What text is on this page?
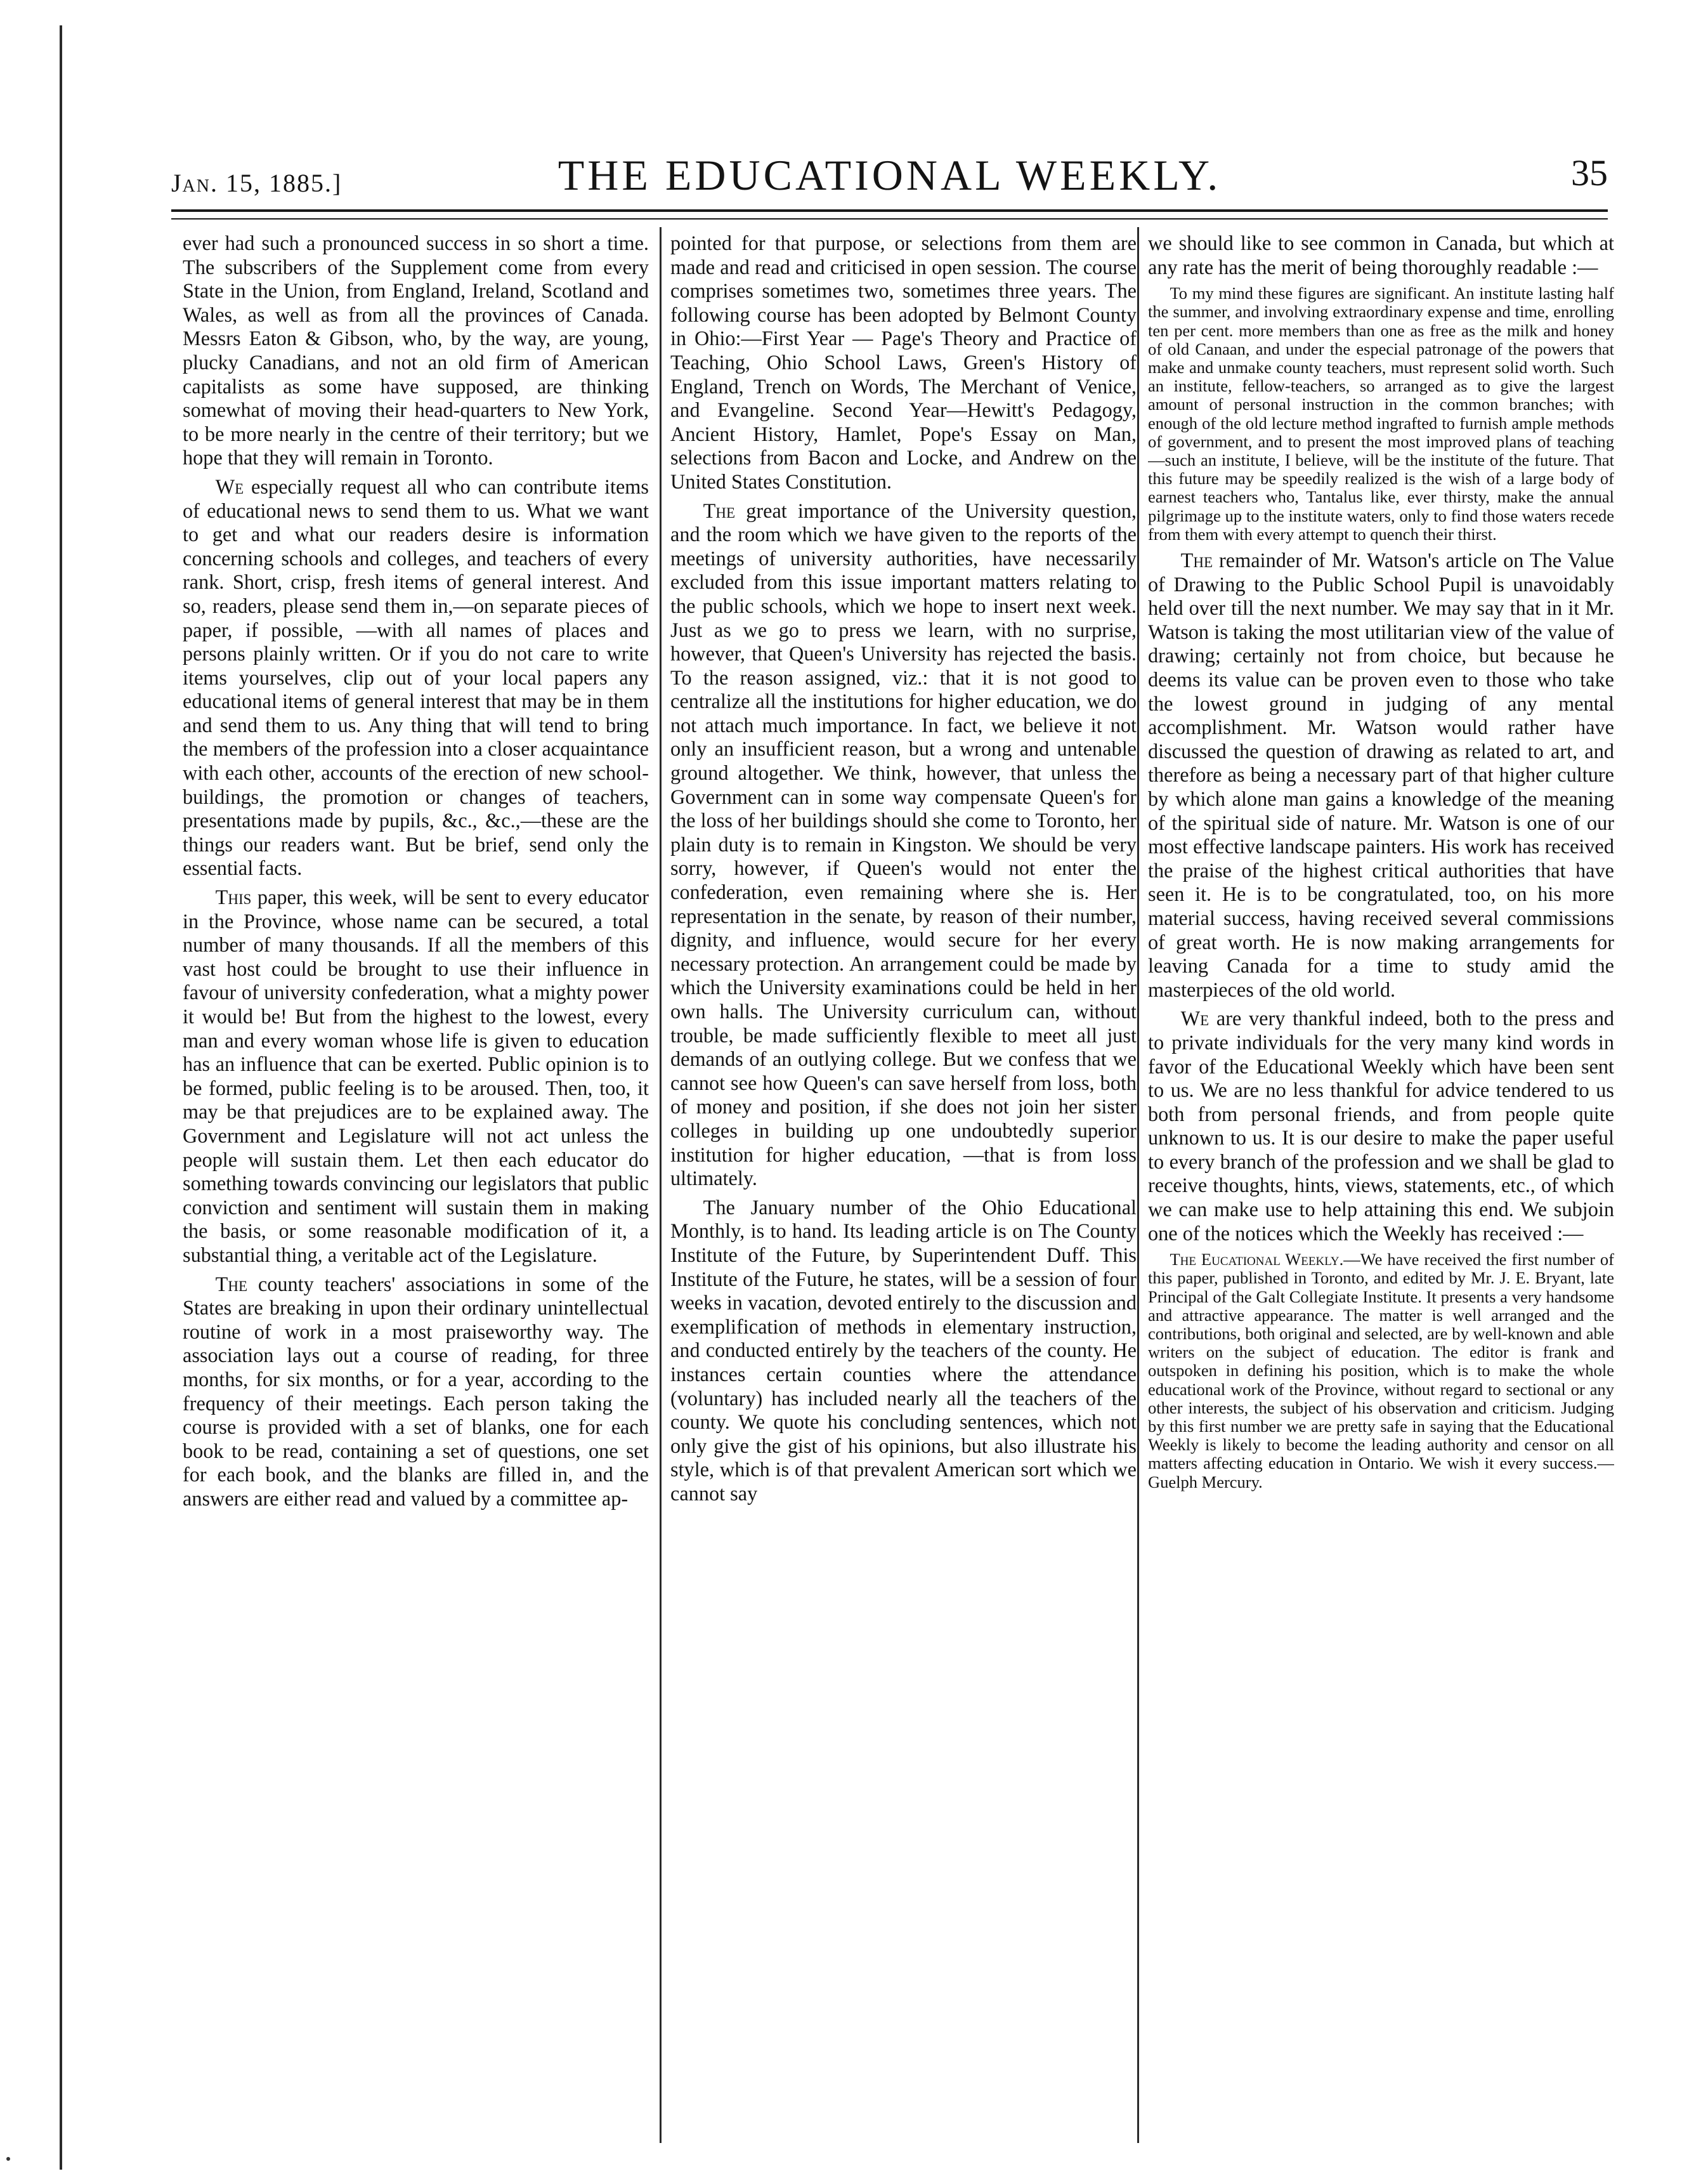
Jan. 15, 1885.]	THE EDUCATIONAL WEEKLY.	35

ever had such a pronounced success in so short a time. The subscribers of the Supplement come from every State in the Union, from England, Ireland, Scotland and Wales, as well as from all the provinces of Canada. Messrs Eaton & Gibson, who, by the way, are young, plucky Canadians, and not an old firm of American capitalists as some have supposed, are thinking somewhat of moving their head-quarters to New York, to be more nearly in the centre of their territory; but we hope that they will remain in Toronto.

We especially request all who can contribute items of educational news to send them to us. What we want to get and what our readers desire is information concerning schools and colleges, and teachers of every rank. Short, crisp, fresh items of general interest. And so, readers, please send them in,—on separate pieces of paper, if possible, —with all names of places and persons plainly written. Or if you do not care to write items yourselves, clip out of your local papers any educational items of general interest that may be in them and send them to us. Any thing that will tend to bring the members of the profession into a closer acquaintance with each other, accounts of the erection of new school-buildings, the promotion or changes of teachers, presentations made by pupils, &c., &c.,—these are the things our readers want. But be brief, send only the essential facts.

This paper, this week, will be sent to every educator in the Province, whose name can be secured, a total number of many thousands. If all the members of this vast host could be brought to use their influence in favour of university confederation, what a mighty power it would be! But from the highest to the lowest, every man and every woman whose life is given to education has an influence that can be exerted. Public opinion is to be formed, public feeling is to be aroused. Then, too, it may be that prejudices are to be explained away. The Government and Legislature will not act unless the people will sustain them. Let then each educator do something towards convincing our legislators that public conviction and sentiment will sustain them in making the basis, or some reasonable modification of it, a substantial thing, a veritable act of the Legislature.

The county teachers' associations in some of the States are breaking in upon their ordinary unintellectual routine of work in a most praiseworthy way. The association lays out a course of reading, for three months, for six months, or for a year, according to the frequency of their meetings. Each person taking the course is provided with a set of blanks, one for each book to be read, containing a set of questions, one set for each book, and the blanks are filled in, and the answers are either read and valued by a committee ap-

pointed for that purpose, or selections from them are made and read and criticised in open session. The course comprises sometimes two, sometimes three years. The following course has been adopted by Belmont County in Ohio:—First Year — Page's Theory and Practice of Teaching, Ohio School Laws, Green's History of England, Trench on Words, The Merchant of Venice, and Evangeline. Second Year—Hewitt's Pedagogy, Ancient History, Hamlet, Pope's Essay on Man, selections from Bacon and Locke, and Andrew on the United States Constitution.

The great importance of the University question, and the room which we have given to the reports of the meetings of university authorities, have necessarily excluded from this issue important matters relating to the public schools, which we hope to insert next week. Just as we go to press we learn, with no surprise, however, that Queen's University has rejected the basis. To the reason assigned, viz.: that it is not good to centralize all the institutions for higher education, we do not attach much importance. In fact, we believe it not only an insufficient reason, but a wrong and untenable ground altogether. We think, however, that unless the Government can in some way compensate Queen's for the loss of her buildings should she come to Toronto, her plain duty is to remain in Kingston. We should be very sorry, however, if Queen's would not enter the confederation, even remaining where she is. Her representation in the senate, by reason of their number, dignity, and influence, would secure for her every necessary protection. An arrangement could be made by which the University examinations could be held in her own halls. The University curriculum can, without trouble, be made sufficiently flexible to meet all just demands of an outlying college. But we confess that we cannot see how Queen's can save herself from loss, both of money and position, if she does not join her sister colleges in building up one undoubtedly superior institution for higher education, —that is from loss ultimately.

The January number of the Ohio Educational Monthly, is to hand. Its leading article is on The County Institute of the Future, by Superintendent Duff. This Institute of the Future, he states, will be a session of four weeks in vacation, devoted entirely to the discussion and exemplification of methods in elementary instruction, and conducted entirely by the teachers of the county. He instances certain counties where the attendance (voluntary) has included nearly all the teachers of the county. We quote his concluding sentences, which not only give the gist of his opinions, but also illustrate his style, which is of that prevalent American sort which we cannot say

we should like to see common in Canada, but which at any rate has the merit of being thoroughly readable :—

To my mind these figures are significant. An institute lasting half the summer, and involving extraordinary expense and time, enrolling ten per cent. more members than one as free as the milk and honey of old Canaan, and under the especial patronage of the powers that make and unmake county teachers, must represent solid worth. Such an institute, fellow-teachers, so arranged as to give the largest amount of personal instruction in the common branches; with enough of the old lecture method ingrafted to furnish ample methods of government, and to present the most improved plans of teaching—such an institute, I believe, will be the institute of the future. That this future may be speedily realized is the wish of a large body of earnest teachers who, Tantalus like, ever thirsty, make the annual pilgrimage up to the institute waters, only to find those waters recede from them with every attempt to quench their thirst.

The remainder of Mr. Watson's article on The Value of Drawing to the Public School Pupil is unavoidably held over till the next number. We may say that in it Mr. Watson is taking the most utilitarian view of the value of drawing; certainly not from choice, but because he deems its value can be proven even to those who take the lowest ground in judging of any mental accomplishment. Mr. Watson would rather have discussed the question of drawing as related to art, and therefore as being a necessary part of that higher culture by which alone man gains a knowledge of the meaning of the spiritual side of nature. Mr. Watson is one of our most effective landscape painters. His work has received the praise of the highest critical authorities that have seen it. He is to be congratulated, too, on his more material success, having received several commissions of great worth. He is now making arrangements for leaving Canada for a time to study amid the masterpieces of the old world.

We are very thankful indeed, both to the press and to private individuals for the very many kind words in favor of the Educational Weekly which have been sent to us. We are no less thankful for advice tendered to us both from personal friends, and from people quite unknown to us. It is our desire to make the paper useful to every branch of the profession and we shall be glad to receive thoughts, hints, views, statements, etc., of which we can make use to help attaining this end. We subjoin one of the notices which the Weekly has received :—

The Eucational Weekly.—We have received the first number of this paper, published in Toronto, and edited by Mr. J. E. Bryant, late Principal of the Galt Collegiate Institute. It presents a very handsome and attractive appearance. The matter is well arranged and the contributions, both original and selected, are by well-known and able writers on the subject of education. The editor is frank and outspoken in defining his position, which is to make the whole educational work of the Province, without regard to sectional or any other interests, the subject of his observation and criticism. Judging by this first number we are pretty safe in saying that the Educational Weekly is likely to become the leading authority and censor on all matters affecting education in Ontario. We wish it every success.—Guelph Mercury.
